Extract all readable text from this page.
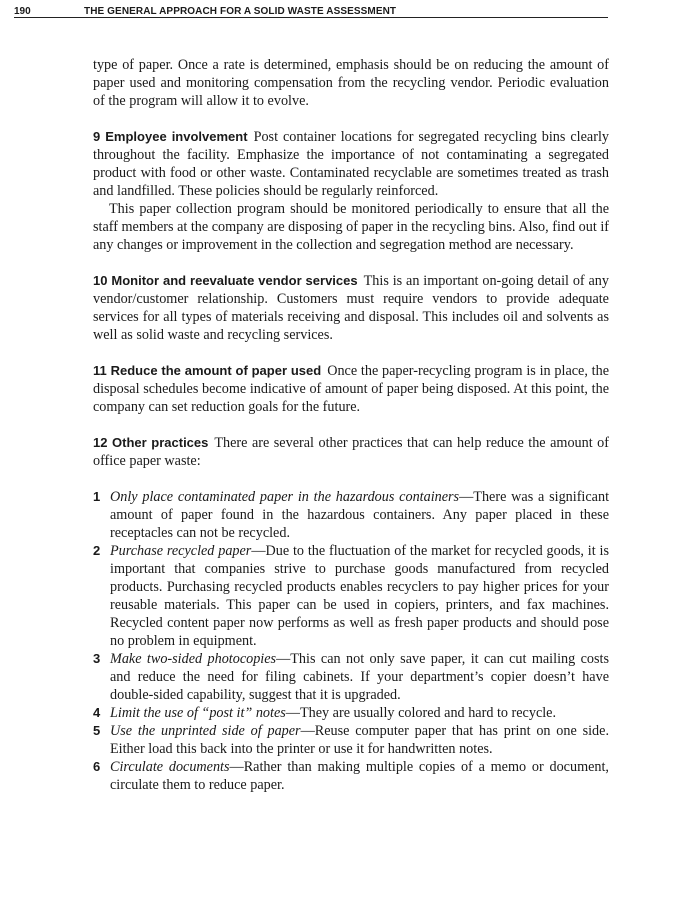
190	THE GENERAL APPROACH FOR A SOLID WASTE ASSESSMENT

type of paper. Once a rate is determined, emphasis should be on reducing the amount of paper used and monitoring compensation from the recycling vendor. Periodic evaluation of the program will allow it to evolve.

9 Employee involvement Post container locations for segregated recycling bins clearly throughout the facility. Emphasize the importance of not contaminating a segregated product with food or other waste. Contaminated recyclable are sometimes treated as trash and landfilled. These policies should be regularly reinforced.

This paper collection program should be monitored periodically to ensure that all the staff members at the company are disposing of paper in the recycling bins. Also, find out if any changes or improvement in the collection and segregation method are necessary.

10 Monitor and reevaluate vendor services This is an important on-going detail of any vendor/customer relationship. Customers must require vendors to provide adequate services for all types of materials receiving and disposal. This includes oil and solvents as well as solid waste and recycling services.

11 Reduce the amount of paper used Once the paper-recycling program is in place, the disposal schedules become indicative of amount of paper being disposed. At this point, the company can set reduction goals for the future.

12 Other practices There are several other practices that can help reduce the amount of office paper waste:

1 Only place contaminated paper in the hazardous containers—There was a significant amount of paper found in the hazardous containers. Any paper placed in these receptacles can not be recycled.
2 Purchase recycled paper—Due to the fluctuation of the market for recycled goods, it is important that companies strive to purchase goods manufactured from recycled products. Purchasing recycled products enables recyclers to pay higher prices for your reusable materials. This paper can be used in copiers, printers, and fax machines. Recycled content paper now performs as well as fresh paper products and should pose no problem in equipment.
3 Make two-sided photocopies—This can not only save paper, it can cut mailing costs and reduce the need for filing cabinets. If your department’s copier doesn’t have double-sided capability, suggest that it is upgraded.
4 Limit the use of “post it” notes—They are usually colored and hard to recycle.
5 Use the unprinted side of paper—Reuse computer paper that has print on one side. Either load this back into the printer or use it for handwritten notes.
6 Circulate documents—Rather than making multiple copies of a memo or document, circulate them to reduce paper.
